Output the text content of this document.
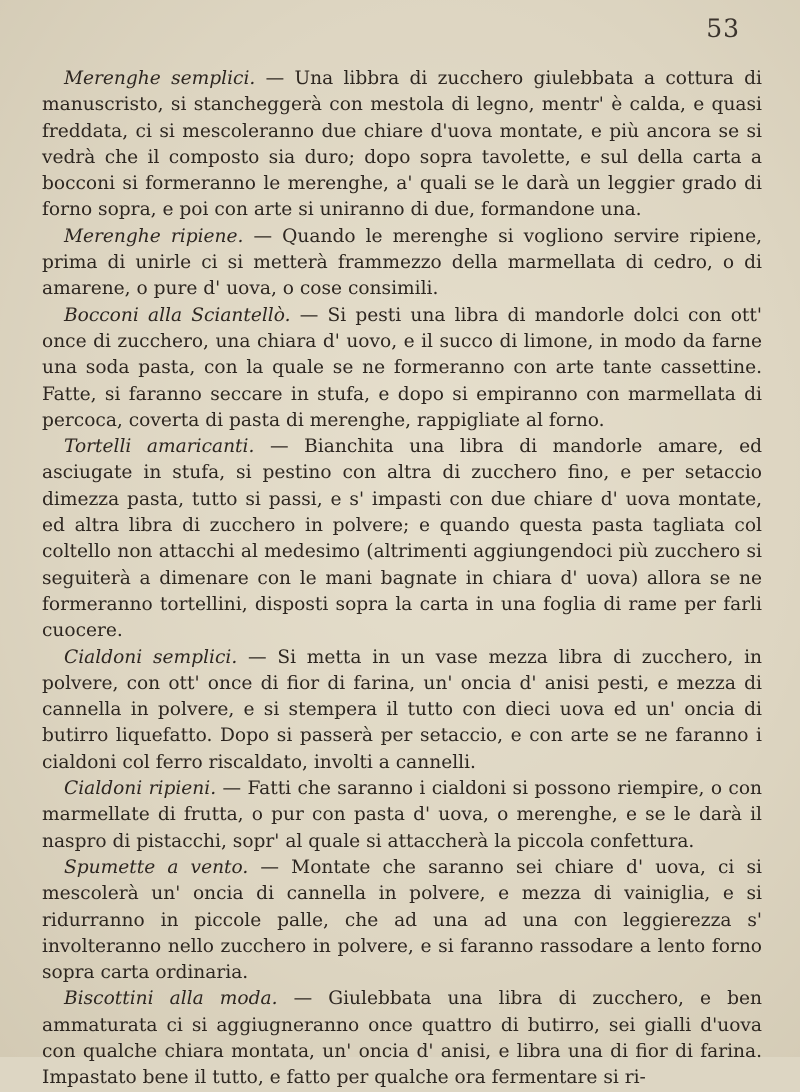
53

Merenghe semplici. — Una libbra di zucchero giulebbata a cottura di manuscristo, si stancheggerà con mestola di legno, mentr' è calda, e quasi freddata, ci si mescoleranno due chiare d'uova montate, e più ancora se si vedrà che il composto sia duro; dopo sopra tavolette, e sul della carta a bocconi si formeranno le merenghe, a' quali se le darà un leggier grado di forno sopra, e poi con arte si uniranno di due, formandone una.

Merenghe ripiene. — Quando le merenghe si vogliono servire ripiene, prima di unirle ci si metterà frammezzo della marmellata di cedro, o di amarene, o pure d' uova, o cose consimili.

Bocconi alla Sciantellò. — Si pesti una libra di mandorle dolci con ott' once di zucchero, una chiara d' uovo, e il succo di limone, in modo da farne una soda pasta, con la quale se ne formeranno con arte tante cassettine. Fatte, si faranno seccare in stufa, e dopo si empiranno con marmellata di percoca, coverta di pasta di merenghe, rappigliate al forno.

Tortelli amaricanti. — Bianchita una libra di mandorle amare, ed asciugate in stufa, si pestino con altra di zucchero fino, e per setaccio dimezza pasta, tutto si passi, e s' impasti con due chiare d' uova montate, ed altra libra di zucchero in polvere; e quando questa pasta tagliata col coltello non attacchi al medesimo (altrimenti aggiungendoci più zucchero si seguiterà a dimenare con le mani bagnate in chiara d' uova) allora se ne formeranno tortellini, disposti sopra la carta in una foglia di rame per farli cuocere.

Cialdoni semplici. — Si metta in un vase mezza libra di zucchero, in polvere, con ott' once di fior di farina, un' oncia d' anisi pesti, e mezza di cannella in polvere, e si stempera il tutto con dieci uova ed un' oncia di butirro liquefatto. Dopo si passerà per setaccio, e con arte se ne faranno i cialdoni col ferro riscaldato, involti a cannelli.

Cialdoni ripieni. — Fatti che saranno i cialdoni si possono riempire, o con marmellate di frutta, o pur con pasta d' uova, o merenghe, e se le darà il naspro di pistacchi, sopr' al quale si attaccherà la piccola confettura.

Spumette a vento. — Montate che saranno sei chiare d' uova, ci si mescolerà un' oncia di cannella in polvere, e mezza di vainiglia, e si ridurranno in piccole palle, che ad una ad una con leggierezza s' involteranno nello zucchero in polvere, e si faranno rassodare a lento forno sopra carta ordinaria.

Biscottini alla moda. — Giulebbata una libra di zucchero, e ben ammaturata ci si aggiugneranno once quattro di butirro, sei gialli d'uova con qualche chiara montata, un' oncia d' anisi, e libra una di fior di farina. Impastato bene il tutto, e fatto per qualche ora fermentare si ri-
